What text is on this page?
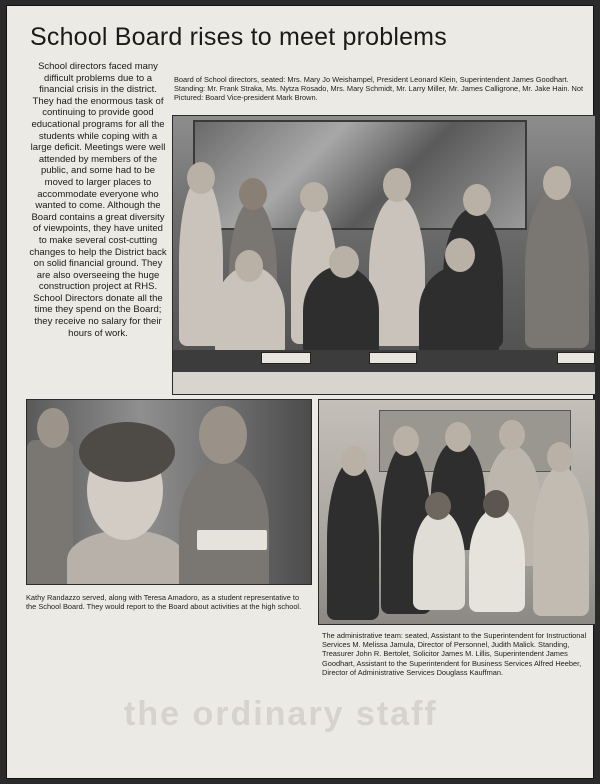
School Board rises to meet problems
School directors faced many difficult problems due to a financial crisis in the district. They had the enormous task of continuing to provide good educational programs for all the students while coping with a large deficit. Meetings were well attended by members of the public, and some had to be moved to larger places to accommodate everyone who wanted to come. Although the Board contains a great diversity of viewpoints, they have united to make several cost-cutting changes to help the District back on solid financial ground. They are also overseeing the huge construction project at RHS. School Directors donate all the time they spend on the Board; they receive no salary for their hours of work.
Board of School directors, seated: Mrs. Mary Jo Weishampel, President Leonard Klein, Superintendent James Goodhart. Standing: Mr. Frank Straka, Ms. Nytza Rosado, Mrs. Mary Schmidt, Mr. Larry Miller, Mr. James Calligrone, Mr. Jake Hain. Not Pictured: Board Vice-president Mark Brown.
Kathy Randazzo served, along with Teresa Amadoro, as a student representative to the School Board. They would report to the Board about activities at the high school.
The administrative team: seated, Assistant to the Superintendent for Instructional Services M. Melissa Jamula, Director of Personnel, Judith Malick. Standing, Treasurer John R. Bertolet, Solicitor James M. Lillis, Superintendent James Goodhart, Assistant to the Superintendent for Business Services Alfred Heeber, Director of Administrative Services Douglass Kauffman.
the ordinary staff
